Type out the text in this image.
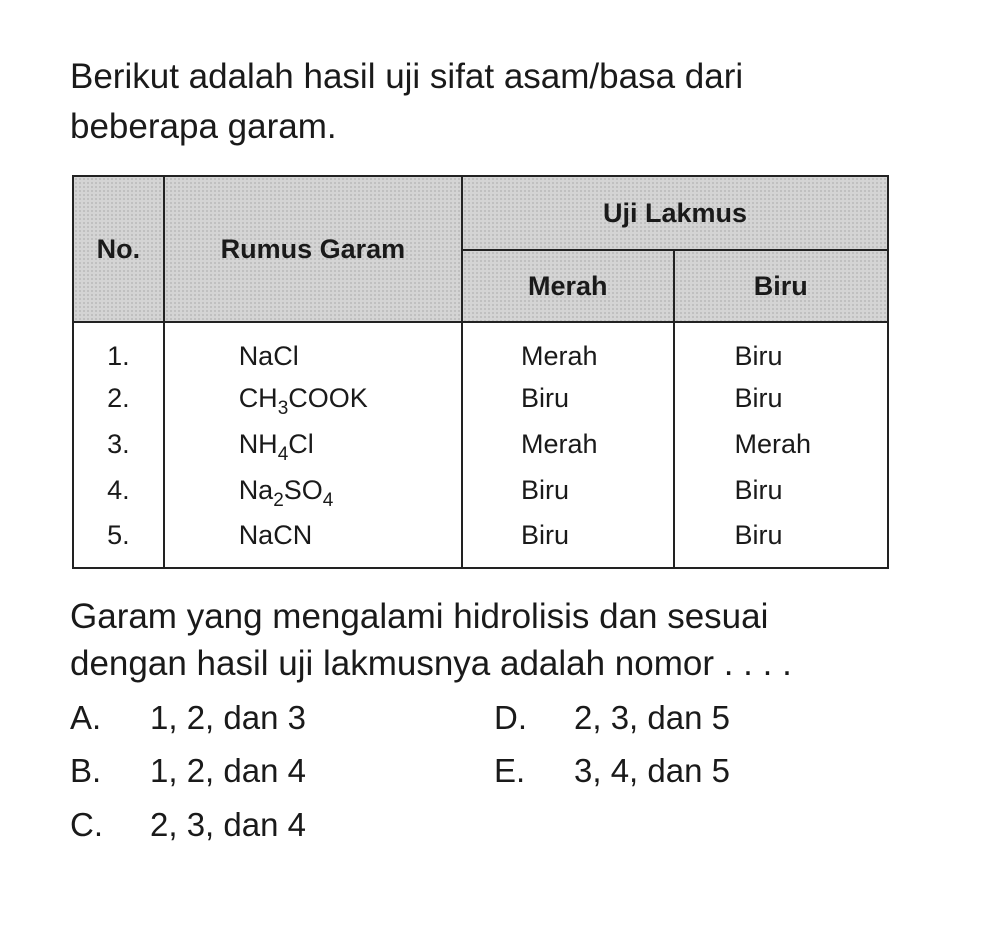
Berikut adalah hasil uji sifat asam/basa dari
beberapa garam.

No.	Rumus Garam	Uji Lakmus	
		Merah	Biru
1.	NaCl	Merah	Biru
2.	$CH_3COOK$	Biru	Biru
3.	$NH_4Cl$	Merah	Merah
4.	$Na_2SO_4$	Biru	Biru
5.	NaCN	Biru	Biru
Garam yang mengalami hidrolisis dan sesuai
dengan hasil uji lakmusnya adalah nomor . . . .
A. 1, 2, dan 3
B. 1, 2, dan 4
C. 2, 3, dan 4
D. 2, 3, dan 5
E. 3, 4, dan 5
